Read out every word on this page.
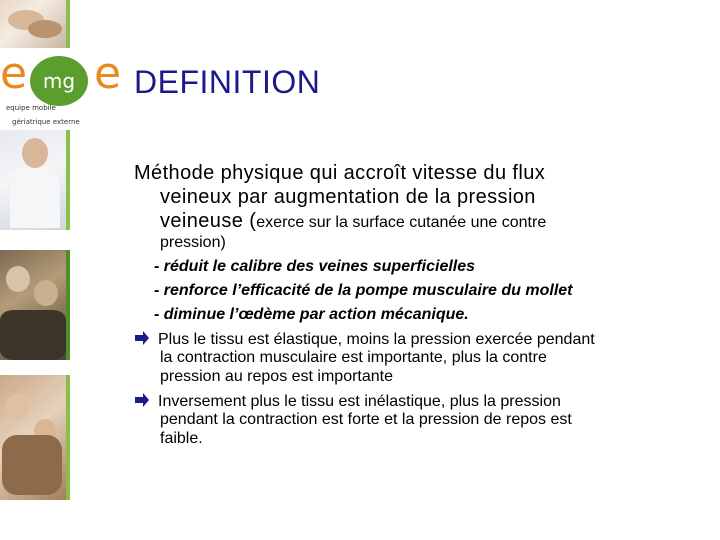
e mg e
equipe mobile
gériatrique externe
DEFINITION
Méthode physique qui accroît vitesse du flux
veineux par augmentation de la pression
veineuse (exerce sur la surface cutanée une contre
pression)
- réduit le calibre des veines superficielles
- renforce l’efficacité de la pompe musculaire du mollet
- diminue l’œdème par action mécanique.
Plus le tissu est élastique, moins la pression exercée pendant
la contraction musculaire est importante, plus la contre
pression au repos est importante
Inversement plus le tissu est inélastique, plus la pression
pendant la contraction est forte et la pression de repos est
faible.
